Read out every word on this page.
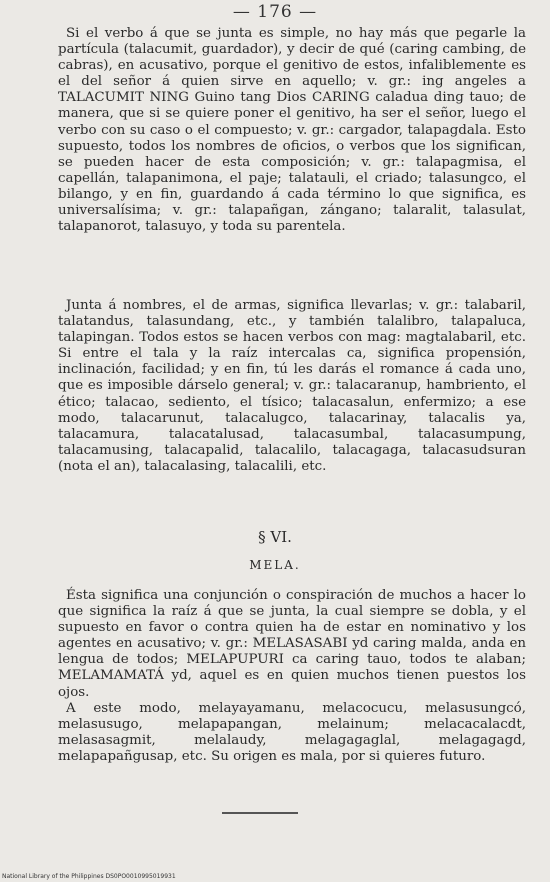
— 176 —

Si el verbo á que se junta es simple, no hay más que pegarle la partícula (talacumit, guardador), y decir de qué (caring cambing, de cabras), en acusativo, porque el genitivo de estos, infaliblemente es el del señor á quien sirve en aquello; v. gr.: ing angeles a TALACUMIT NING Guino tang Dios CARING caladua ding tauo; de manera, que si se quiere poner el genitivo, ha ser el señor, luego el verbo con su caso o el compuesto; v. gr.: cargador, talapagdala. Esto supuesto, todos los nombres de oficios, o verbos que los significan, se pueden hacer de esta composición; v. gr.: talapagmisa, el capellán, talapanimona, el paje; talatauli, el criado; talasungco, el bilango, y en fin, guardando á cada término lo que significa, es universalísima; v. gr.: talapañgan, zángano; talaralit, talasulat, talapanorot, talasuyo, y toda su parentela.

Junta á nombres, el de armas, significa llevarlas; v. gr.: talabaril, talatandus, talasundang, etc., y también talalibro, talapaluca, talapingan. Todos estos se hacen verbos con mag: magtalabaril, etc. Si entre el tala y la raíz intercalas ca, significa propensión, inclinación, facilidad; y en fin, tú les darás el romance á cada uno, que es imposible dárselo general; v. gr.: talacaranup, hambriento, el ético; talacao, sediento, el tísico; talacasalun, enfermizo; a ese modo, talacarunut, talacalugco, talacarinay, talacalis ya, talacamura, talacatalusad, talacasumbal, talacasumpung, talacamusing, talacapalid, talacalilo, talacagaga, talacasudsuran (nota el an), talacalasing, talacalili, etc.

§ VI.
MELA.

Ésta significa una conjunción o conspiración de muchos a hacer lo que significa la raíz á que se junta, la cual siempre se dobla, y el supuesto en favor o contra quien ha de estar en nominativo y los agentes en acusativo; v. gr.: MELASASABI yd caring malda, anda en lengua de todos; MELAPUPURI ca caring tauo, todos te alaban; MELAMAMATÁ yd, aquel es en quien muchos tienen puestos los ojos.

A este modo, melayayamanu, melacocucu, melasusungcó, melasusugo, melapapangan, melainum; melacacalacdt, melasasagmit, melalaudy, melagagaglal, melagagagd, melapapañgusap, etc. Su origen es mala, por si quieres futuro.

National Library of the Philippines DS0PO0010995019931
